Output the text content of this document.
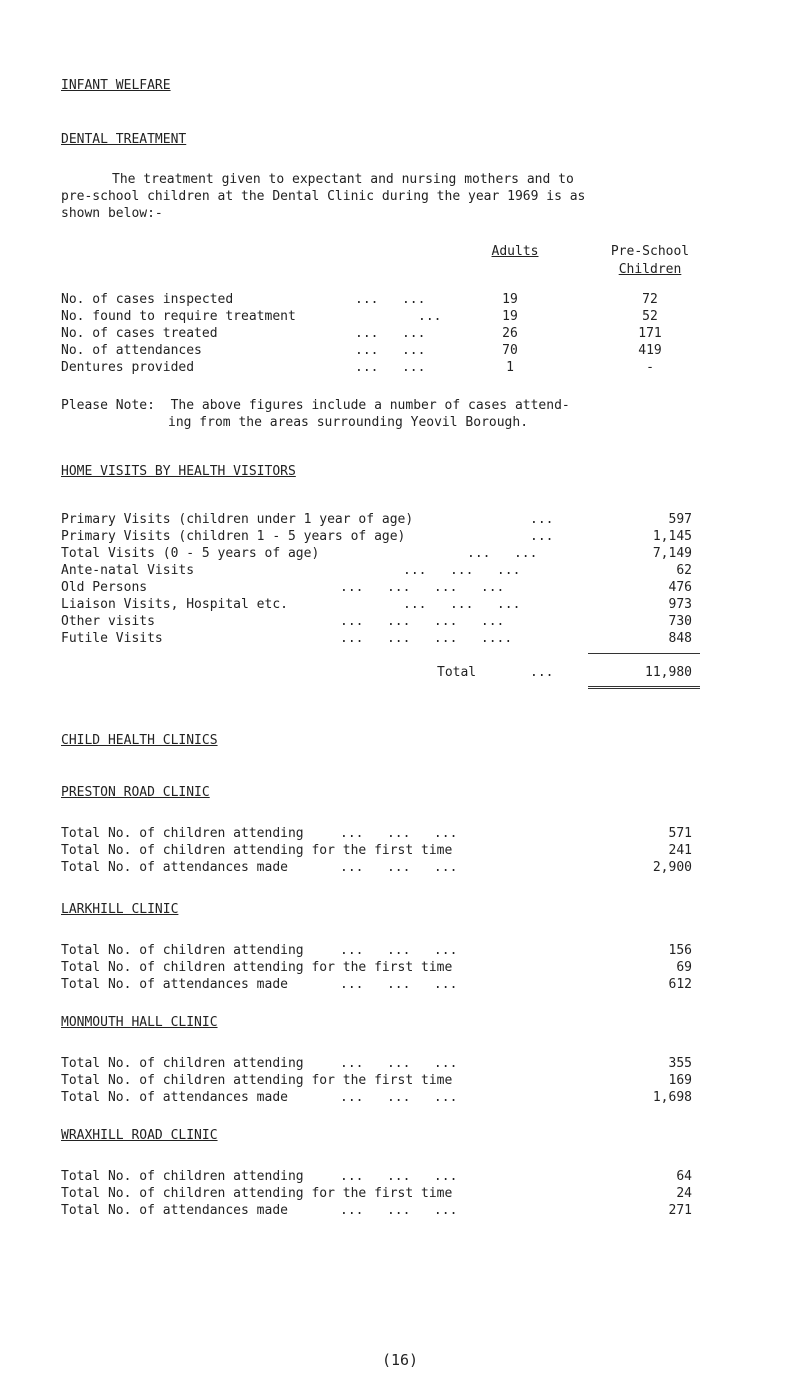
INFANT WELFARE
DENTAL TREATMENT
The treatment given to expectant and nursing mothers and to
pre-school children at the Dental Clinic during the year 1969 is as
shown below:-
Adults	Pre-School
Children
No. of cases inspected	...   ...	19	72
No. found to require treatment	...	19	52
No. of cases treated	...   ...	26	171
No. of attendances	...   ...	70	419
Dentures provided	...   ...	1	-
Please Note:  The above figures include a number of cases attend-
ing from the areas surrounding Yeovil Borough.
HOME VISITS BY HEALTH VISITORS
Primary Visits (children under 1 year of age)	...	597
Primary Visits (children 1 - 5 years of age)	...	1,145
Total Visits (0 - 5 years of age)	...   ...	7,149
Ante-natal Visits	...   ...   ...	62
Old Persons	...   ...   ...   ...	476
Liaison Visits, Hospital etc.	...   ...   ...	973
Other visits	...   ...   ...   ...	730
Futile Visits	...   ...   ...   ....	848
Total	...	11,980
CHILD HEALTH CLINICS
PRESTON ROAD CLINIC
Total No. of children attending	...   ...   ...	571
Total No. of children attending for the first time	241
Total No. of attendances made	...   ...   ...	2,900
LARKHILL CLINIC
Total No. of children attending	...   ...   ...	156
Total No. of children attending for the first time	69
Total No. of attendances made	...   ...   ...	612
MONMOUTH HALL CLINIC
Total No. of children attending	...   ...   ...	355
Total No. of children attending for the first time	169
Total No. of attendances made	...   ...   ...	1,698
WRAXHILL ROAD CLINIC
Total No. of children attending	...   ...   ...	64
Total No. of children attending for the first time	24
Total No. of attendances made	...   ...   ...	271
(16)
